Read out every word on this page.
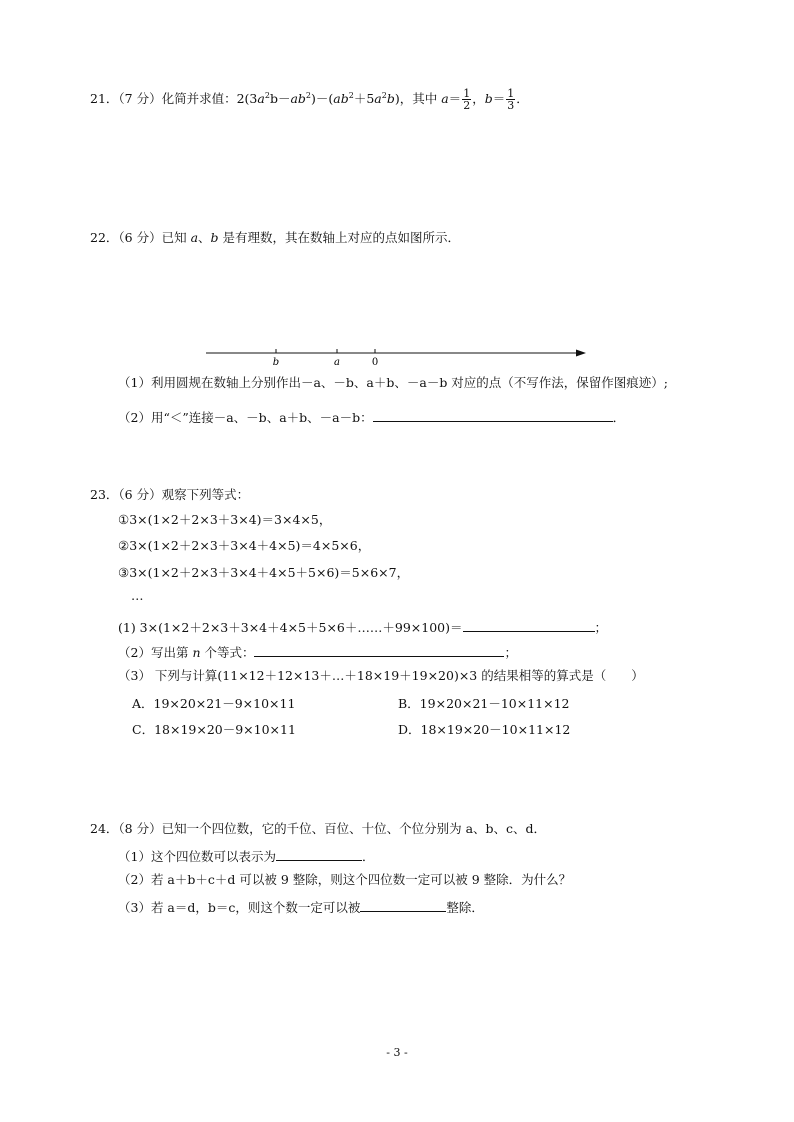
21．（7 分）化简并求值：$2(3a^2b-ab^2)-(ab^2+5a^2b)$，其中 $a= \frac{1}{2}$ ，$b= \frac{1}{3}$ ．
22．（6 分）已知 a、b 是有理数，其在数轴上对应的点如图所示．
b	a	0
（1）利用圆规在数轴上分别作出－a、－b、a＋b、－a－b 对应的点（不写作法，保留作图痕迹）;
（2）用“＜”连接－a、－b、a＋b、－a－b：	．
23．（6 分）观察下列等式：
①3×(1×2＋2×3＋3×4)＝3×4×5，
②3×(1×2＋2×3＋3×4＋4×5)＝4×5×6，
③3×(1×2＋2×3＋3×4＋4×5＋5×6)＝5×6×7，
…
(1) 3×(1×2＋2×3＋3×4＋4×5＋5×6＋……＋99×100)＝	；
（2）写出第 n 个等式：	；
（3） 下列与计算(11×12＋12×13＋…＋18×19＋19×20)×3 的结果相等的算式是（　　）
A．19×20×21－9×10×11	B．19×20×21－10×11×12
C．18×19×20－9×10×11	D．18×19×20－10×11×12
24．（8 分）已知一个四位数，它的千位、百位、十位、个位分别为 a、b、c、d．
（1）这个四位数可以表示为	．
（2）若 a＋b＋c＋d 可以被 9 整除，则这个四位数一定可以被 9 整除．为什么？
（3）若 a＝d，b＝c，则这个数一定可以被	整除．
- 3 -
